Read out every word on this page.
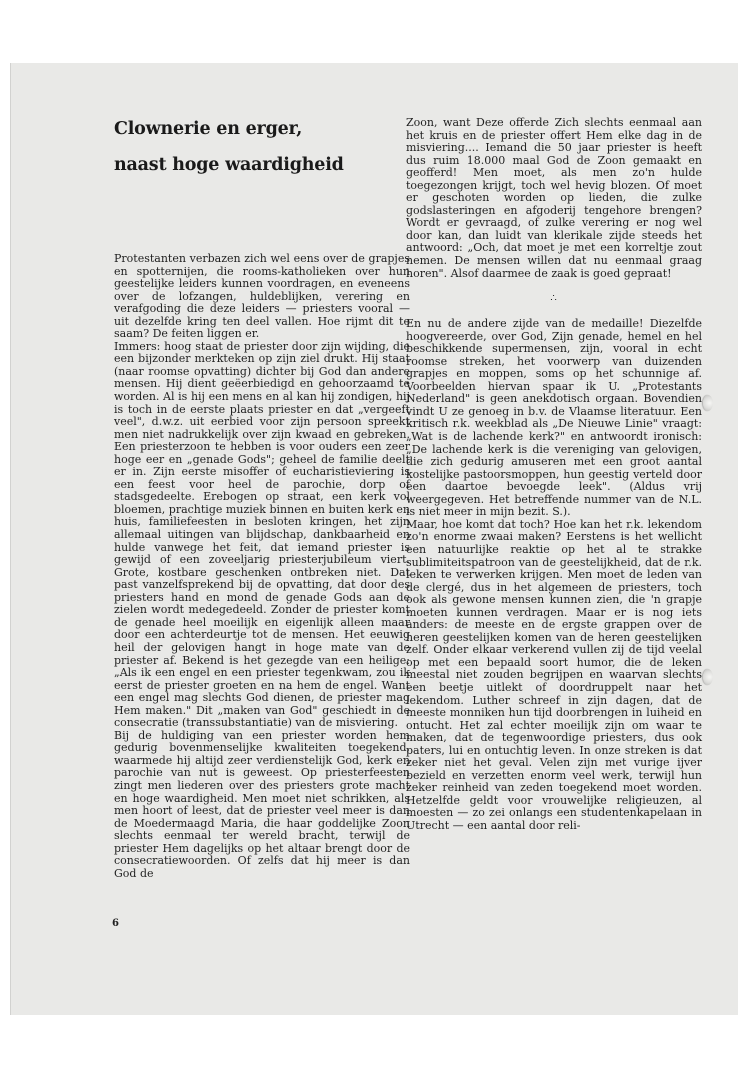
Clownerie en erger,
naast hoge waardigheid

Protestanten verbazen zich wel eens over de grapjes en spotternijen, die rooms-katholieken over hun geestelijke leiders kunnen voordragen, en eveneens over de lofzangen, huldeblijken, verering en verafgoding die deze leiders — priesters vooral — uit dezelfde kring ten deel vallen. Hoe rijmt dit te saam? De feiten liggen er.

Immers: hoog staat de priester door zijn wijding, die een bijzonder merkteken op zijn ziel drukt. Hij staat (naar roomse opvatting) dichter bij God dan andere mensen. Hij dient geëerbiedigd en gehoorzaamd te worden. Al is hij een mens en al kan hij zondigen, hij is toch in de eerste plaats priester en dat „vergeeft veel", d.w.z. uit eerbied voor zijn persoon spreekt men niet nadrukkelijk over zijn kwaad en gebreken. Een priesterzoon te hebben is voor ouders een zeer hoge eer en „genade Gods"; geheel de familie deelt er in. Zijn eerste misoffer of eucharistieviering is een feest voor heel de parochie, dorp of stadsgedeelte. Erebogen op straat, een kerk vol bloemen, prachtige muziek binnen en buiten kerk en huis, familiefeesten in besloten kringen, het zijn allemaal uitingen van blijdschap, dankbaarheid en hulde vanwege het feit, dat iemand priester is gewijd of een zoveeljarig priesterjubileum viert. Grote, kostbare geschenken ontbreken niet. Dat past vanzelfsprekend bij de opvatting, dat door des priesters hand en mond de genade Gods aan de zielen wordt medegedeeld. Zonder de priester komt de genade heel moeilijk en eigenlijk alleen maar door een achterdeurtje tot de mensen. Het eeuwig heil der gelovigen hangt in hoge mate van de priester af. Bekend is het gezegde van een heilige: „Als ik een engel en een priester tegenkwam, zou ik eerst de priester groeten en na hem de engel. Want een engel mag slechts God dienen, de priester mag Hem maken." Dit „maken van God" geschiedt in de consecratie (transsubstantiatie) van de misviering.

Bij de huldiging van een priester worden hem gedurig bovenmenselijke kwaliteiten toegekend, waarmede hij altijd zeer verdienstelijk God, kerk en parochie van nut is geweest. Op priesterfeesten zingt men liederen over des priesters grote macht en hoge waardigheid. Men moet niet schrikken, als men hoort of leest, dat de priester veel meer is dan de Moedermaagd Maria, die haar goddelijke Zoon slechts eenmaal ter wereld bracht, terwijl de priester Hem dagelijks op het altaar brengt door de consecratiewoorden. Of zelfs dat hij meer is dan God de

Zoon, want Deze offerde Zich slechts eenmaal aan het kruis en de priester offert Hem elke dag in de misviering.... Iemand die 50 jaar priester is heeft dus ruim 18.000 maal God de Zoon gemaakt en geofferd! Men moet, als men zo'n hulde toegezongen krijgt, toch wel hevig blozen. Of moet er geschoten worden op lieden, die zulke godslasteringen en afgoderij tengehore brengen? Wordt er gevraagd, of zulke verering er nog wel door kan, dan luidt van klerikale zijde steeds het antwoord: „Och, dat moet je met een korreltje zout nemen. De mensen willen dat nu eenmaal graag horen". Alsof daarmee de zaak is goed gepraat!

∴

En nu de andere zijde van de medaille! Diezelfde hoogvereerde, over God, Zijn genade, hemel en hel beschikkende supermensen, zijn, vooral in echt roomse streken, het voorwerp van duizenden grapjes en moppen, soms op het schunnige af. Voorbeelden hiervan spaar ik U. „Protestants Nederland" is geen anekdotisch orgaan. Bovendien vindt U ze genoeg in b.v. de Vlaamse literatuur. Een kritisch r.k. weekblad als „De Nieuwe Linie" vraagt: „Wat is de lachende kerk?" en antwoordt ironisch: „De lachende kerk is die vereniging van gelovigen, die zich gedurig amuseren met een groot aantal kostelijke pastoorsmoppen, hun geestig verteld door een daartoe bevoegde leek". (Aldus vrij weergegeven. Het betreffende nummer van de N.L. is niet meer in mijn bezit. S.).

Maar, hoe komt dat toch? Hoe kan het r.k. lekendom zo'n enorme zwaai maken? Eerstens is het wellicht een natuurlijke reaktie op het al te strakke sublimiteitspatroon van de geestelijkheid, dat de r.k. leken te verwerken krijgen. Men moet de leden van de clergé, dus in het algemeen de priesters, toch ook als gewone mensen kunnen zien, die 'n grapje moeten kunnen verdragen. Maar er is nog iets anders: de meeste en de ergste grappen over de heren geestelijken komen van de heren geestelijken zelf. Onder elkaar verkerend vullen zij de tijd veelal op met een bepaald soort humor, die de leken meestal niet zouden begrijpen en waarvan slechts een beetje uitlekt of doordruppelt naar het lekendom. Luther schreef in zijn dagen, dat de meeste monniken hun tijd doorbrengen in luiheid en ontucht. Het zal echter moeilijk zijn om waar te maken, dat de tegenwoordige priesters, dus ook paters, lui en ontuchtig leven. In onze streken is dat zeker niet het geval. Velen zijn met vurige ijver bezield en verzetten enorm veel werk, terwijl hun zeker reinheid van zeden toegekend moet worden. Hetzelfde geldt voor vrouwelijke religieuzen, al moesten — zo zei onlangs een studentenkapelaan in Utrecht — een aantal door reli-

6
